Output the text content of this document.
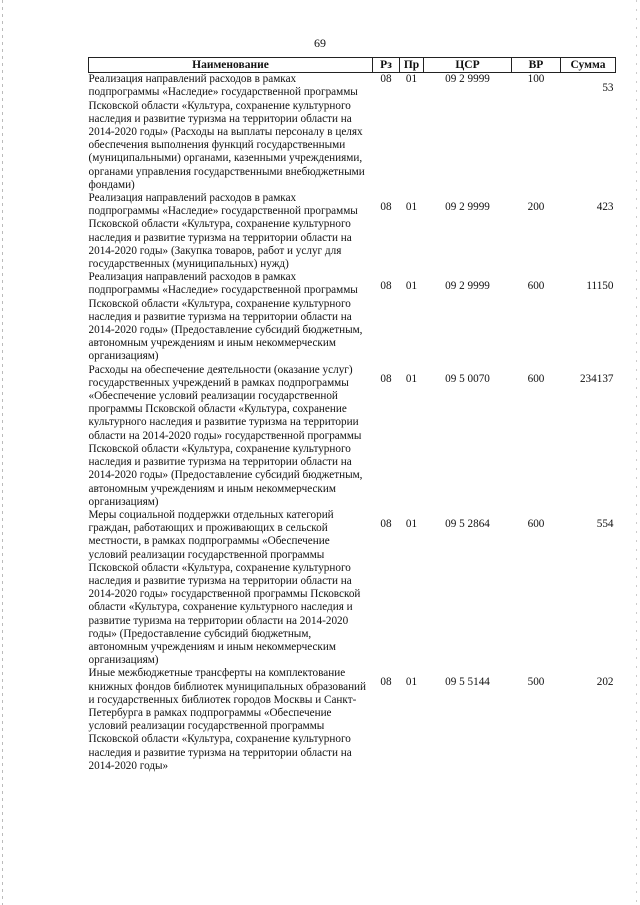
69
Наименование	Рз	Пр	ЦСР	ВР	Сумма
Реализация направлений расходов в рамках подпрограммы «Наследие» государственной программы Псковской области «Культура, сохранение культурного наследия и развитие туризма на территории области на 2014-2020 годы» (Расходы на выплаты персоналу в целях обеспечения выполнения функций государственными (муниципальными) органами, казенными учреждениями, органами управления государственными внебюджетными фондами)	08	01	09 2 9999	100	53
Реализация направлений расходов в рамках подпрограммы «Наследие» государственной программы Псковской области «Культура, сохранение культурного наследия и развитие туризма на территории области на 2014-2020 годы» (Закупка товаров, работ и услуг для государственных (муниципальных) нужд)	08	01	09 2 9999	200	423
Реализация направлений расходов в рамках подпрограммы «Наследие» государственной программы Псковской области «Культура, сохранение культурного наследия и развитие туризма на территории области на 2014-2020 годы» (Предоставление субсидий бюджетным, автономным учреждениям и иным некоммерческим организациям)	08	01	09 2 9999	600	11150
Расходы на обеспечение деятельности (оказание услуг) государственных учреждений в рамках подпрограммы «Обеспечение условий реализации государственной программы Псковской области «Культура, сохранение культурного наследия и развитие туризма на территории области на 2014-2020 годы» государственной программы Псковской области «Культура, сохранение культурного наследия и развитие туризма на территории области на 2014-2020 годы» (Предоставление субсидий бюджетным, автономным учреждениям и иным некоммерческим организациям)	08	01	09 5 0070	600	234137
Меры социальной поддержки отдельных категорий граждан, работающих и проживающих в сельской местности, в рамках подпрограммы «Обеспечение условий реализации государственной программы Псковской области «Культура, сохранение культурного наследия и развитие туризма на территории области на 2014-2020 годы» государственной программы Псковской области «Культура, сохранение культурного наследия и развитие туризма на территории области на 2014-2020 годы» (Предоставление субсидий бюджетным, автономным учреждениям и иным некоммерческим организациям)	08	01	09 5 2864	600	554
Иные межбюджетные трансферты на комплектование книжных фондов библиотек муниципальных образований и государственных библиотек городов Москвы и Санкт-Петербурга в рамках подпрограммы «Обеспечение условий реализации государственной программы Псковской области «Культура, сохранение культурного наследия и развитие туризма на территории области на 2014-2020 годы»	08	01	09 5 5144	500	202
